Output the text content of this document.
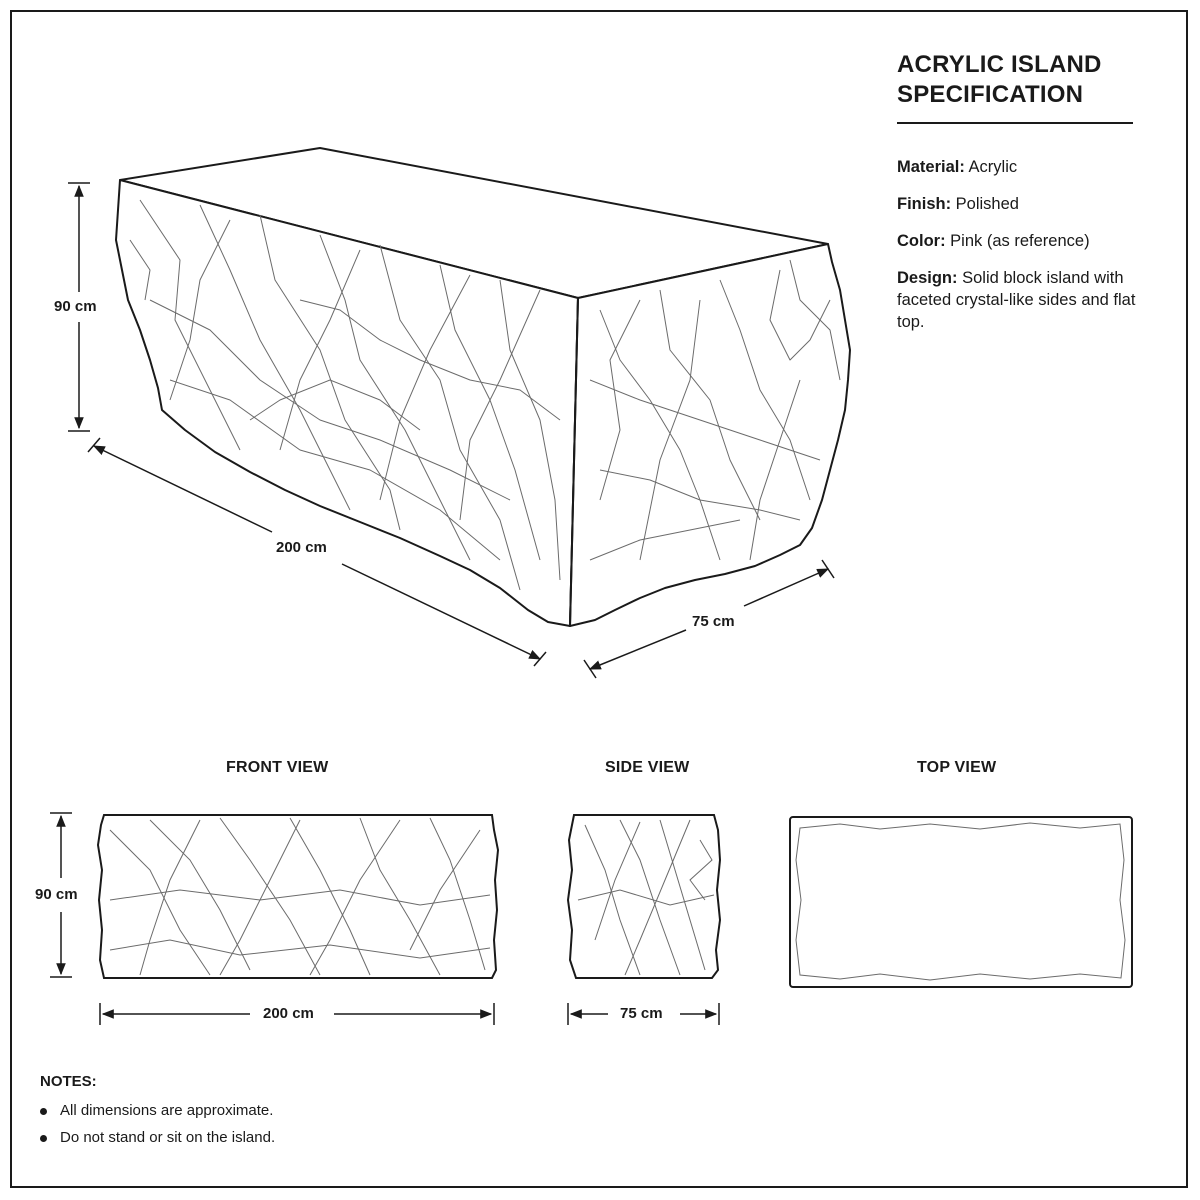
90 cm
200 cm
75 cm
FRONT VIEW	SIDE VIEW	TOP VIEW
90 cm
200 cm	75 cm
ACRYLIC ISLAND
SPECIFICATION
Material: Acrylic
Finish: Polished
Color: Pink (as reference)
Design: Solid block island with faceted crystal-like sides and flat top.
NOTES:
All dimensions are approximate.
Do not stand or sit on the island.
